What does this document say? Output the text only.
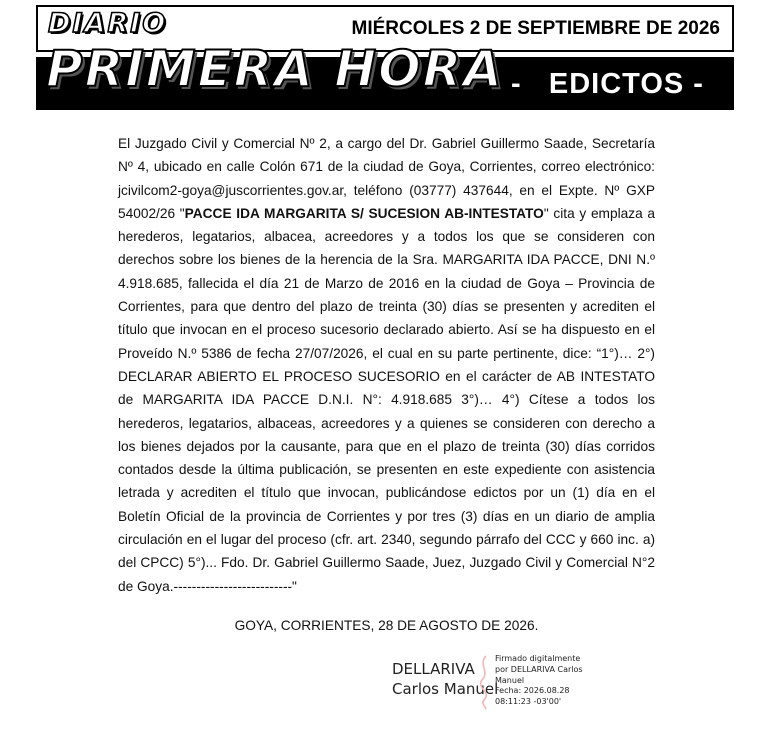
DIARIO	MIÉRCOLES 2 DE SEPTIEMBRE DE 2026
PRIMERA HORA -   EDICTOS -

El Juzgado Civil y Comercial Nº 2, a cargo del Dr. Gabriel Guillermo Saade, Secretaría Nº 4, ubicado en calle Colón 671 de la ciudad de Goya, Corrientes, correo electrónico: jcivilcom2-goya@juscorrientes.gov.ar, teléfono (03777) 437644, en el Expte. Nº GXP 54002/26 "PACCE IDA MARGARITA S/ SUCESION AB-INTESTATO" cita y emplaza a herederos, legatarios, albacea, acreedores y a todos los que se consideren con derechos sobre los bienes de la herencia de la Sra. MARGARITA IDA PACCE, DNI N.º 4.918.685, fallecida el día 21 de Marzo de 2016 en la ciudad de Goya – Provincia de Corrientes, para que dentro del plazo de treinta (30) días se presenten y acrediten el título que invocan en el proceso sucesorio declarado abierto. Así se ha dispuesto en el Proveído N.º 5386 de fecha 27/07/2026, el cual en su parte pertinente, dice: “1°)… 2°) DECLARAR ABIERTO EL PROCESO SUCESORIO en el carácter de AB INTESTATO de MARGARITA IDA PACCE D.N.I. N°: 4.918.685 3°)… 4°) Cítese a todos los herederos, legatarios, albaceas, acreedores y a quienes se consideren con derecho a los bienes dejados por la causante, para que en el plazo de treinta (30) días corridos contados desde la última publicación, se presenten en este expediente con asistencia letrada y acrediten el título que invocan, publicándose edictos por un (1) día en el Boletín Oficial de la provincia de Corrientes y por tres (3) días en un diario de amplia circulación en el lugar del proceso (cfr. art. 2340, segundo párrafo del CCC y 660 inc. a) del CPCC) 5°)... Fdo. Dr. Gabriel Guillermo Saade, Juez, Juzgado Civil y Comercial N°2 de Goya.--------------------------"

GOYA, CORRIENTES, 28 DE AGOSTO DE 2026.
DELLARIVA
Carlos Manuel
Firmado digitalmente
por DELLARIVA Carlos
Manuel
Fecha: 2026.08.28
08:11:23 -03'00'
